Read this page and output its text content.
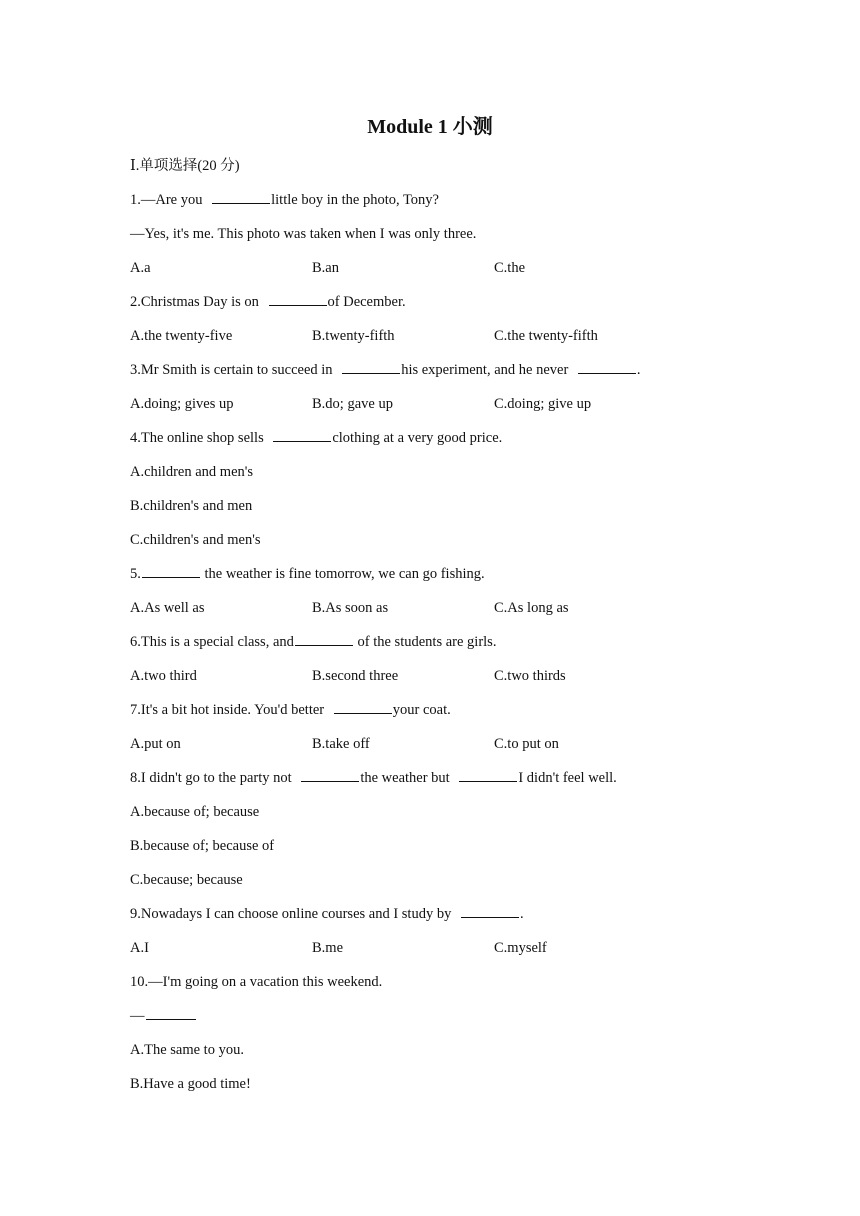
Module 1 小测
Ⅰ.单项选择(20 分)
1.—Are you	little boy in the photo, Tony?
—Yes, it's me. This photo was taken when I was only three.
A.a	B.an	C.the
2.Christmas Day is on	of December.
A.the twenty-five	B.twenty-fifth	C.the twenty-fifth
3.Mr Smith is certain to succeed in	his experiment, and he never	.
A.doing; gives up	B.do; gave up	C.doing; give up
4.The online shop sells	clothing at a very good price.
A.children and men's
B.children's and men
C.children's and men's
5.	the weather is fine tomorrow, we can go fishing.
A.As well as	B.As soon as	C.As long as
6.This is a special class, and	of the students are girls.
A.two third	B.second three	C.two thirds
7.It's a bit hot inside. You'd better	your coat.
A.put on	B.take off	C.to put on
8.I didn't go to the party not	the weather but	I didn't feel well.
A.because of; because
B.because of; because of
C.because; because
9.Nowadays I can choose online courses and I study by	.
A.I	B.me	C.myself
10.—I'm going on a vacation this weekend.
—
A.The same to you.
B.Have a good time!
